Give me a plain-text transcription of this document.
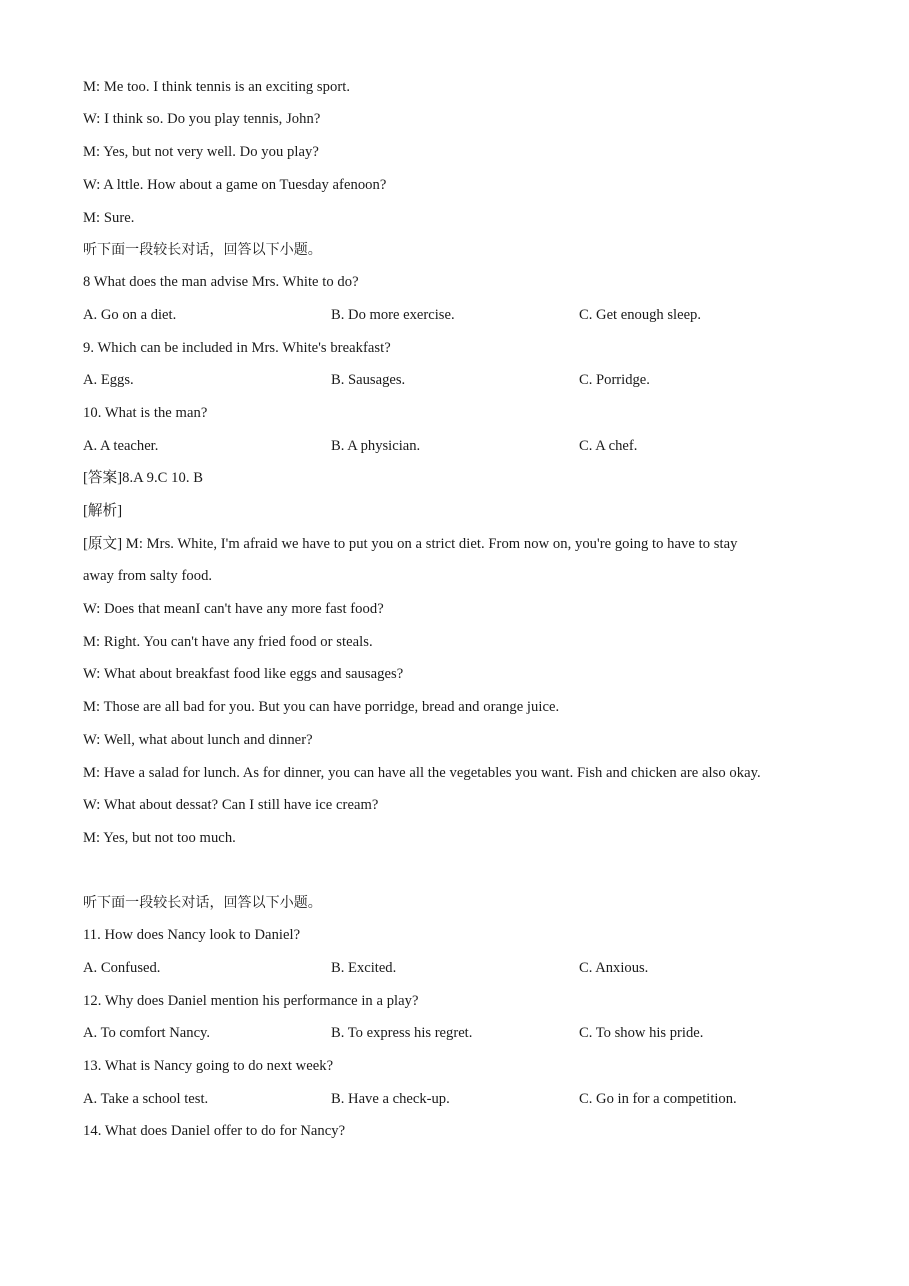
M: Me too. I think tennis is an exciting sport.
W: I think so. Do you play tennis, John?
M: Yes, but not very well. Do you play?
W: A lttle. How about a game on Tuesday afenoon?
M: Sure.
听下面一段较长对话，回答以下小题。
8 What does the man advise Mrs. White to do?
A. Go on a diet.	B. Do more exercise.	C. Get enough sleep.
9. Which can be included in Mrs. White's breakfast?
A. Eggs.	B. Sausages.	C. Porridge.
10. What is the man?
A. A teacher.	B. A physician.	C. A chef.
[答案]8.A 9.C 10. B
[解析]
[原文] M: Mrs. White, I'm afraid we have to put you on a strict diet. From now on, you're going to have to stay
away from salty food.
W: Does that meanI can't have any more fast food?
M: Right. You can't have any fried food or steals.
W: What about breakfast food like eggs and sausages?
M: Those are all bad for you. But you can have porridge, bread and orange juice.
W: Well, what about lunch and dinner?
M: Have a salad for lunch. As for dinner, you can have all the vegetables you want. Fish and chicken are also okay.
W: What about dessat? Can I still have ice cream?
M: Yes, but not too much.
听下面一段较长对话，回答以下小题。
11. How does Nancy look to Daniel?
A. Confused.	B. Excited.	C. Anxious.
12. Why does Daniel mention his performance in a play?
A. To comfort Nancy.	B. To express his regret.	C. To show his pride.
13. What is Nancy going to do next week?
A. Take a school test.	B. Have a check-up.	C. Go in for a competition.
14. What does Daniel offer to do for Nancy?
